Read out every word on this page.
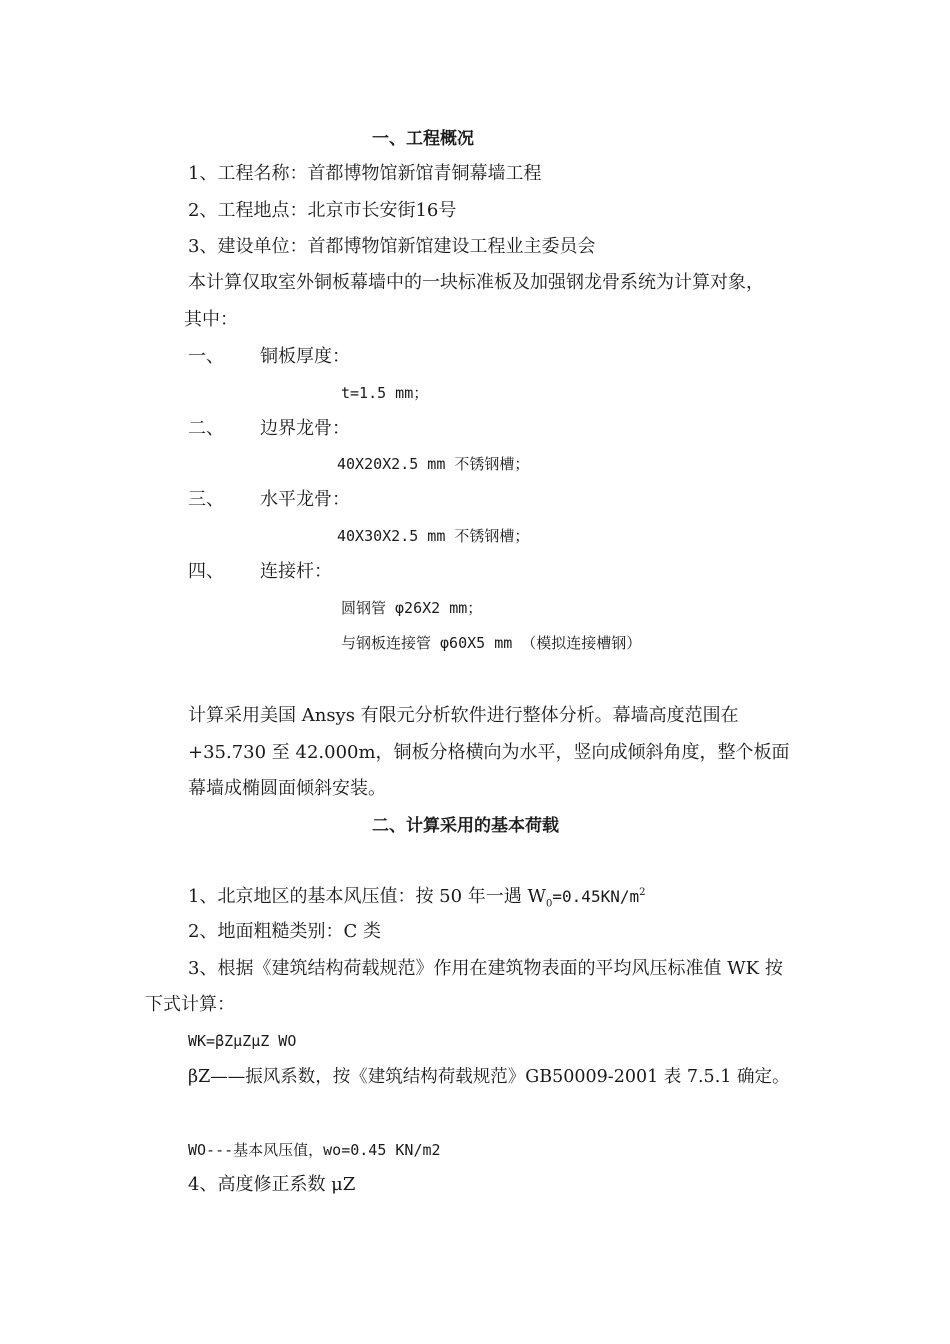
一、工程概况
1、工程名称：首都博物馆新馆青铜幕墙工程
2、工程地点：北京市长安街16号
3、建设单位：首都博物馆新馆建设工程业主委员会
本计算仅取室外铜板幕墙中的一块标准板及加强钢龙骨系统为计算对象，
其中：
一、 铜板厚度：
t=1.5 mm；
二、 边界龙骨：
40X20X2.5 mm 不锈钢槽；
三、 水平龙骨：
40X30X2.5 mm 不锈钢槽；
四、 连接杆：
圆钢管 φ26X2 mm；
与钢板连接管 φ60X5 mm （模拟连接槽钢）
计算采用美国 Ansys 有限元分析软件进行整体分析。幕墙高度范围在
+35.730 至 42.000m，铜板分格横向为水平，竖向成倾斜角度，整个板面
幕墙成椭圆面倾斜安装。
二、计算采用的基本荷载
1、北京地区的基本风压值：按 50 年一遇 $W_0=0.45KN/m^2$
2、地面粗糙类别：C 类
3、根据《建筑结构荷载规范》作用在建筑物表面的平均风压标准值 WK 按
下式计算：
WK=βZμZμZ WO
βZ——振风系数，按《建筑结构荷载规范》GB50009-2001 表 7.5.1 确定。
WO---基本风压值，wo=0.45 KN/m2
4、高度修正系数 μZ
